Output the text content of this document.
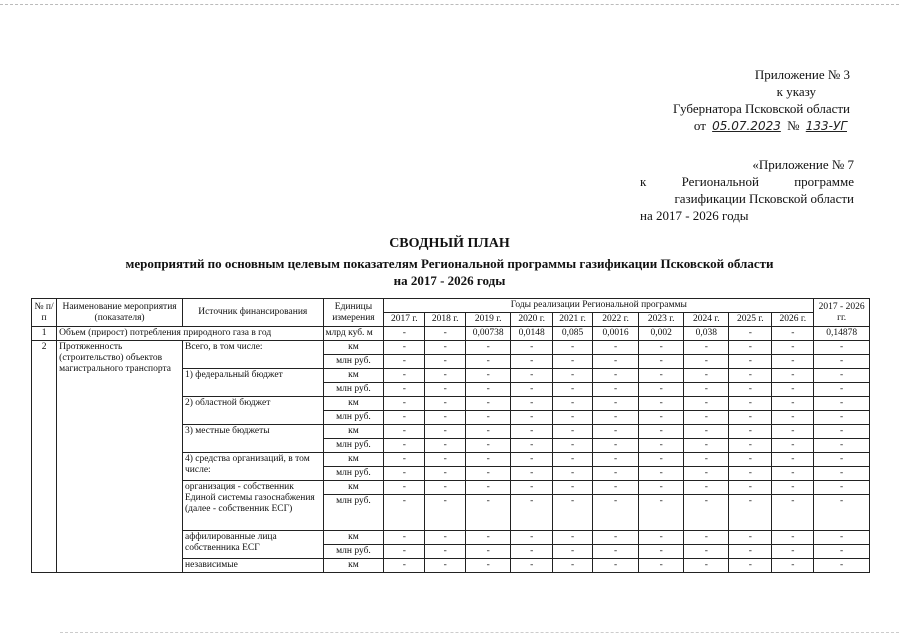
Приложение № 3
к указу
Губернатора Псковской области
от 05.07.2023 № 133-УГ
«Приложение № 7
к	Региональной	программе
газификации Псковской области
на 2017 - 2026 годы
СВОДНЫЙ ПЛАН
мероприятий по основным целевым показателям Региональной программы газификации Псковской области
на 2017 - 2026 годы
№ п/п	Наименование мероприятия (показателя)	Источник финансирования	Единицы измерения	Годы реализации Региональной программы										2017 - 2026 гг.
				2017 г.	2018 г.	2019 г.	2020 г.	2021 г.	2022 г.	2023 г.	2024 г.	2025 г.	2026 г.	
1	Объем (прирост) потребления природного газа в год		млрд куб. м	-	-	0,00738	0,0148	0,085	0,0016	0,002	0,038	-	-	0,14878
2	Протяженность (строительство) объектов магистрального транспорта	Всего, в том числе:	км	-	-	-	-	-	-	-	-	-	-	-
			млн руб.	-	-	-	-	-	-	-	-	-	-	-
		1) федеральный бюджет	км	-	-	-	-	-	-	-	-	-	-	-
			млн руб.	-	-	-	-	-	-	-	-	-	-	-
		2) областной бюджет	км	-	-	-	-	-	-	-	-	-	-	-
			млн руб.	-	-	-	-	-	-	-	-	-	-	-
		3) местные бюджеты	км	-	-	-	-	-	-	-	-	-	-	-
			млн руб.	-	-	-	-	-	-	-	-	-	-	-
		4) средства организаций, в том числе:	км	-	-	-	-	-	-	-	-	-	-	-
			млн руб.	-	-	-	-	-	-	-	-	-	-	-
		организация - собственник Единой системы газоснабжения (далее - собственник ЕСГ)	км	-	-	-	-	-	-	-	-	-	-	-
			млн руб.	-	-	-	-	-	-	-	-	-	-	-
		аффилированные лица собственника ЕСГ	км	-	-	-	-	-	-	-	-	-	-	-
			млн руб.	-	-	-	-	-	-	-	-	-	-	-
		независимые	км	-	-	-	-	-	-	-	-	-	-	-
